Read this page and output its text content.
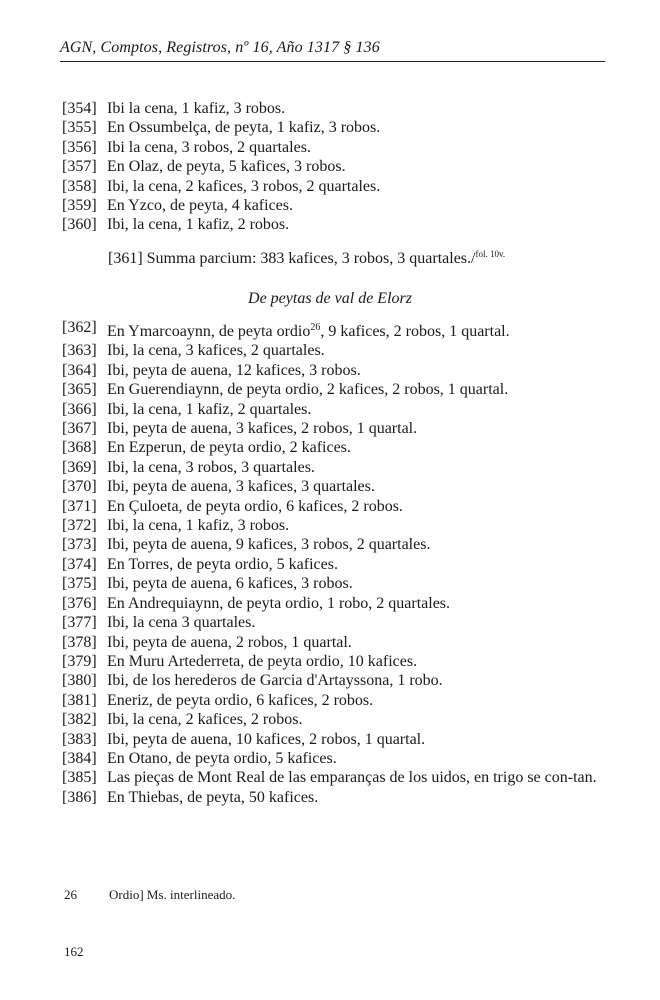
AGN, Comptos, Registros, nº 16, Año 1317 § 136
[354] Ibi la cena, 1 kafiz, 3 robos.
[355] En Ossumbelça, de peyta, 1 kafiz, 3 robos.
[356] Ibi la cena, 3 robos, 2 quartales.
[357] En Olaz, de peyta, 5 kafices, 3 robos.
[358] Ibi, la cena, 2 kafices, 3 robos, 2 quartales.
[359] En Yzco, de peyta, 4 kafices.
[360] Ibi, la cena, 1 kafiz, 2 robos.
[361] Summa parcium: 383 kafices, 3 robos, 3 quartales./$^{fol. 10v.}$
De peytas de val de Elorz
[362] En Ymarcoaynn, de peyta ordio$^{26}$, 9 kafices, 2 robos, 1 quartal.
[363] Ibi, la cena, 3 kafices, 2 quartales.
[364] Ibi, peyta de auena, 12 kafices, 3 robos.
[365] En Guerendiaynn, de peyta ordio, 2 kafices, 2 robos, 1 quartal.
[366] Ibi, la cena, 1 kafiz, 2 quartales.
[367] Ibi, peyta de auena, 3 kafices, 2 robos, 1 quartal.
[368] En Ezperun, de peyta ordio, 2 kafices.
[369] Ibi, la cena, 3 robos, 3 quartales.
[370] Ibi, peyta de auena, 3 kafices, 3 quartales.
[371] En Çuloeta, de peyta ordio, 6 kafices, 2 robos.
[372] Ibi, la cena, 1 kafiz, 3 robos.
[373] Ibi, peyta de auena, 9 kafices, 3 robos, 2 quartales.
[374] En Torres, de peyta ordio, 5 kafices.
[375] Ibi, peyta de auena, 6 kafices, 3 robos.
[376] En Andrequiaynn, de peyta ordio, 1 robo, 2 quartales.
[377] Ibi, la cena 3 quartales.
[378] Ibi, peyta de auena, 2 robos, 1 quartal.
[379] En Muru Artederreta, de peyta ordio, 10 kafices.
[380] Ibi, de los herederos de Garcia d'Artayssona, 1 robo.
[381] Eneriz, de peyta ordio, 6 kafices, 2 robos.
[382] Ibi, la cena, 2 kafices, 2 robos.
[383] Ibi, peyta de auena, 10 kafices, 2 robos, 1 quartal.
[384] En Otano, de peyta ordio, 5 kafices.
[385] Las pieças de Mont Real de las emparanças de los uidos, en trigo se con-tan.
[386] En Thiebas, de peyta, 50 kafices.
26	Ordio] Ms. interlineado.
162
